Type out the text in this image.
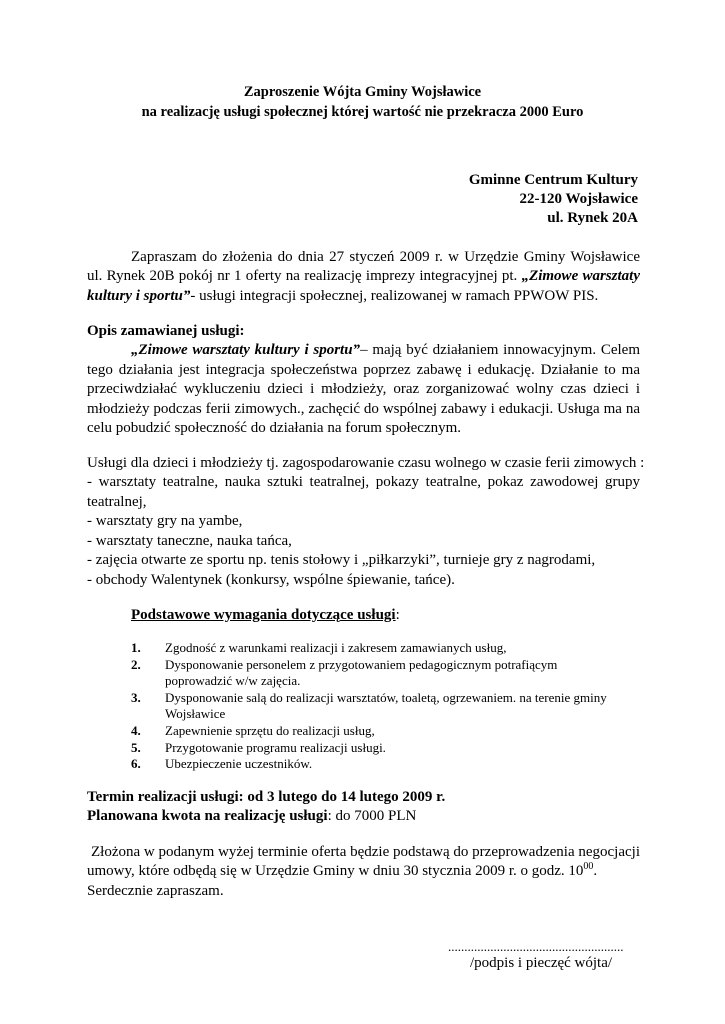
Zaproszenie Wójta Gminy Wojsławice
na realizację usługi społecznej której wartość nie przekracza 2000 Euro
Gminne Centrum Kultury
22-120 Wojsławice
ul. Rynek 20A
Zapraszam do złożenia do dnia 27 styczeń 2009 r. w Urzędzie Gminy Wojsławice
ul. Rynek 20B pokój nr 1 oferty na realizację imprezy integracyjnej pt. „Zimowe warsztaty
kultury i sportu”- usługi integracji społecznej, realizowanej w ramach PPWOW PIS.
Opis zamawianej usługi:
„Zimowe warsztaty kultury i sportu”– mają być działaniem innowacyjnym. Celem
tego działania jest integracja społeczeństwa poprzez zabawę i edukację. Działanie to ma
przeciwdziałać wykluczeniu dzieci i młodzieży, oraz zorganizować wolny czas dzieci i
młodzieży podczas ferii zimowych., zachęcić do wspólnej zabawy i edukacji. Usługa ma na
celu pobudzić społeczność do działania na forum społecznym.
Usługi dla dzieci i młodzieży tj. zagospodarowanie czasu wolnego w czasie ferii zimowych :
- warsztaty teatralne, nauka sztuki teatralnej, pokazy teatralne, pokaz zawodowej grupy
teatralnej,
- warsztaty gry na yambe,
- warsztaty taneczne, nauka tańca,
- zajęcia otwarte ze sportu np. tenis stołowy i „piłkarzyki”, turnieje gry z nagrodami,
- obchody Walentynek (konkursy, wspólne śpiewanie, tańce).
Podstawowe wymagania dotyczące usługi:
1. Zgodność z warunkami realizacji i zakresem zamawianych usług,
2. Dysponowanie personelem z przygotowaniem pedagogicznym potrafiącym poprowadzić w/w zajęcia.
3. Dysponowanie salą do realizacji warsztatów, toaletą, ogrzewaniem. na terenie gminy Wojsławice
4. Zapewnienie sprzętu do realizacji usług,
5. Przygotowanie programu realizacji usługi.
6. Ubezpieczenie uczestników.
Termin realizacji usługi: od 3 lutego do 14 lutego 2009 r.
Planowana kwota na realizację usługi: do 7000 PLN
Złożona w podanym wyżej terminie oferta będzie podstawą do przeprowadzenia negocjacji
umowy, które odbędą się w Urzędzie Gminy w dniu 30 stycznia 2009 r. o godz. $10^{00}$.
Serdecznie zapraszam.
......................................................
/podpis i pieczęć wójta/
